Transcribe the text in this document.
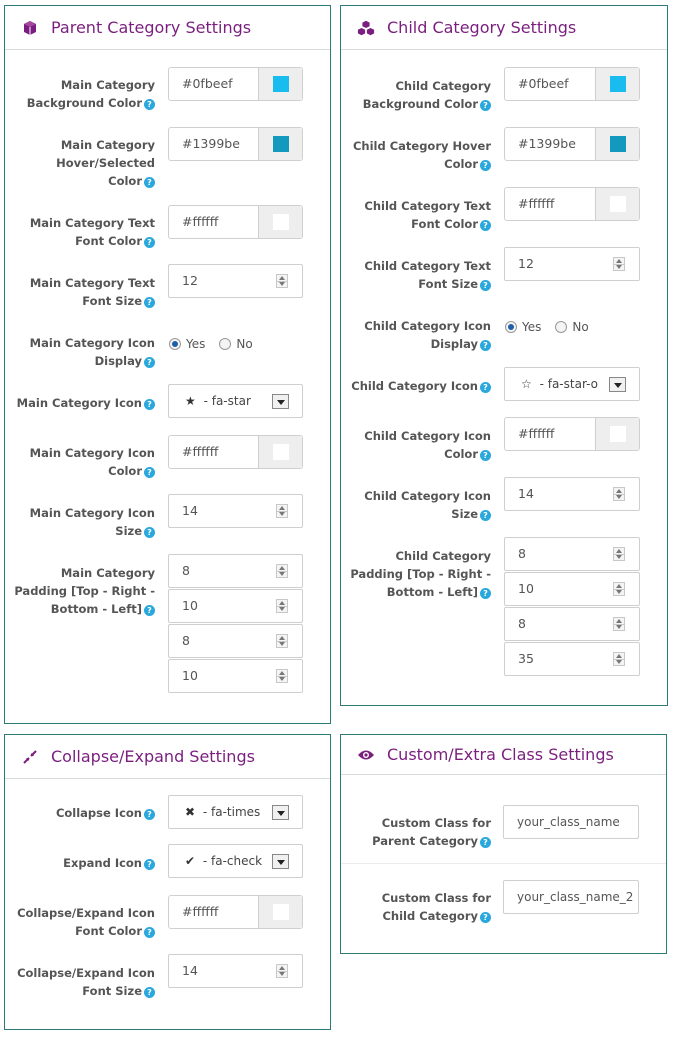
Parent Category Settings
Main Category
Background Color ?
#0fbeef
Main Category
Hover/Selected
Color ?
#1399be
Main Category Text
Font Color ?
#ffffff
Main Category Text
Font Size ?
12
Main Category Icon
Display ?
Yes	No
Main Category Icon ?	★ - fa-star
Main Category Icon
Color ?
#ffffff
Main Category Icon
Size ?
14
Main Category
Padding [Top - Right -
Bottom - Left] ?
8
10
8
10
Child Category Settings
Child Category
Background Color ?
#0fbeef
Child Category Hover
Color ?
#1399be
Child Category Text
Font Color ?
#ffffff
Child Category Text
Font Size ?
12
Child Category Icon
Display ?
Yes	No
Child Category Icon ?	☆ - fa-star-o
Child Category Icon
Color ?
#ffffff
Child Category Icon
Size ?
14
Child Category
Padding [Top - Right -
Bottom - Left] ?
8
10
8
35
Collapse/Expand Settings
Collapse Icon ?	✖ - fa-times
Expand Icon ?	✔ - fa-check
Collapse/Expand Icon
Font Color ?
#ffffff
Collapse/Expand Icon
Font Size ?
14
Custom/Extra Class Settings
Custom Class for
Parent Category ?
your_class_name
Custom Class for
Child Category ?
your_class_name_2
